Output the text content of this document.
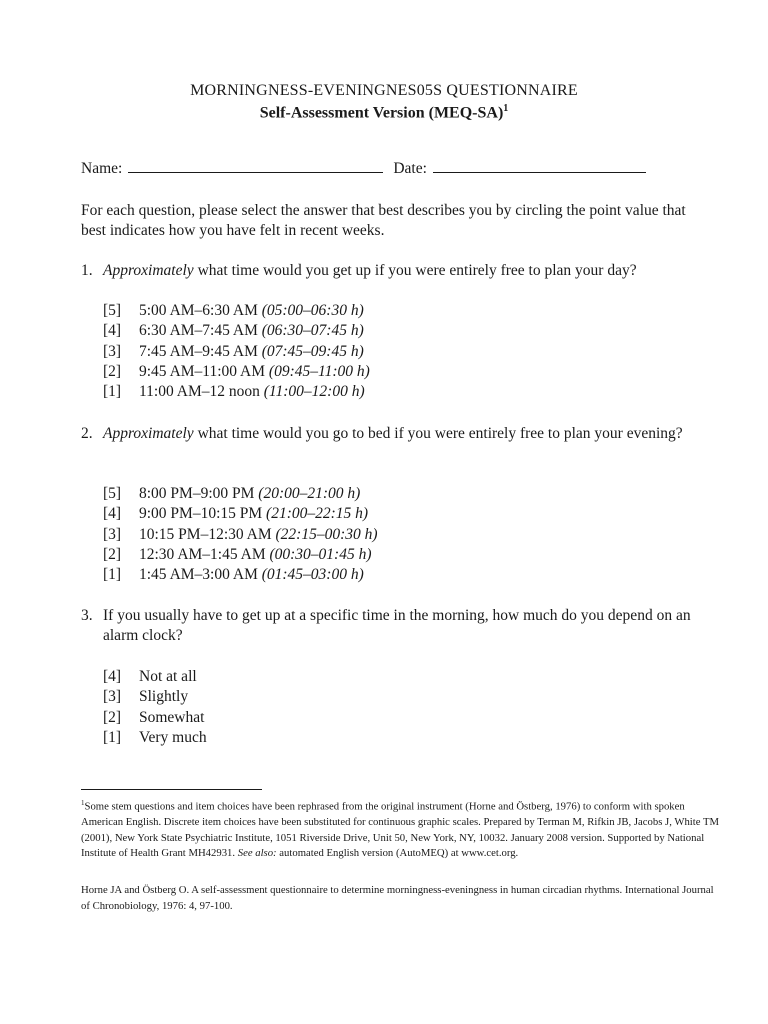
MORNINGNESS-EVENINGNES05S QUESTIONNAIRE
Self-Assessment Version $(MEQ-SA)^1$
Name:	Date:
For each question, please select the answer that best describes you by circling the point value that best indicates how you have felt in recent weeks.
1. Approximately what time would you get up if you were entirely free to plan your day?
[5] 5:00 AM–6:30 AM (05:00–06:30 h)
[4] 6:30 AM–7:45 AM (06:30–07:45 h)
[3] 7:45 AM–9:45 AM (07:45–09:45 h)
[2] 9:45 AM–11:00 AM (09:45–11:00 h)
[1] 11:00 AM–12 noon (11:00–12:00 h)
2. Approximately what time would you go to bed if you were entirely free to plan your evening?
[5] 8:00 PM–9:00 PM (20:00–21:00 h)
[4] 9:00 PM–10:15 PM (21:00–22:15 h)
[3] 10:15 PM–12:30 AM (22:15–00:30 h)
[2] 12:30 AM–1:45 AM (00:30–01:45 h)
[1] 1:45 AM–3:00 AM (01:45–03:00 h)
3. If you usually have to get up at a specific time in the morning, how much do you depend on an alarm clock?
[4] Not at all
[3] Slightly
[2] Somewhat
[1] Very much
$^1$Some stem questions and item choices have been rephrased from the original instrument (Horne and Östberg, 1976) to conform with spoken American English. Discrete item choices have been substituted for continuous graphic scales. Prepared by Terman M, Rifkin JB, Jacobs J, White TM (2001), New York State Psychiatric Institute, 1051 Riverside Drive, Unit 50, New York, NY, 10032. January 2008 version. Supported by National Institute of Health Grant MH42931. See also: automated English version (AutoMEQ) at www.cet.org.
Horne JA and Östberg O. A self-assessment questionnaire to determine morningness-eveningness in human circadian rhythms. International Journal of Chronobiology, 1976: 4, 97-100.
